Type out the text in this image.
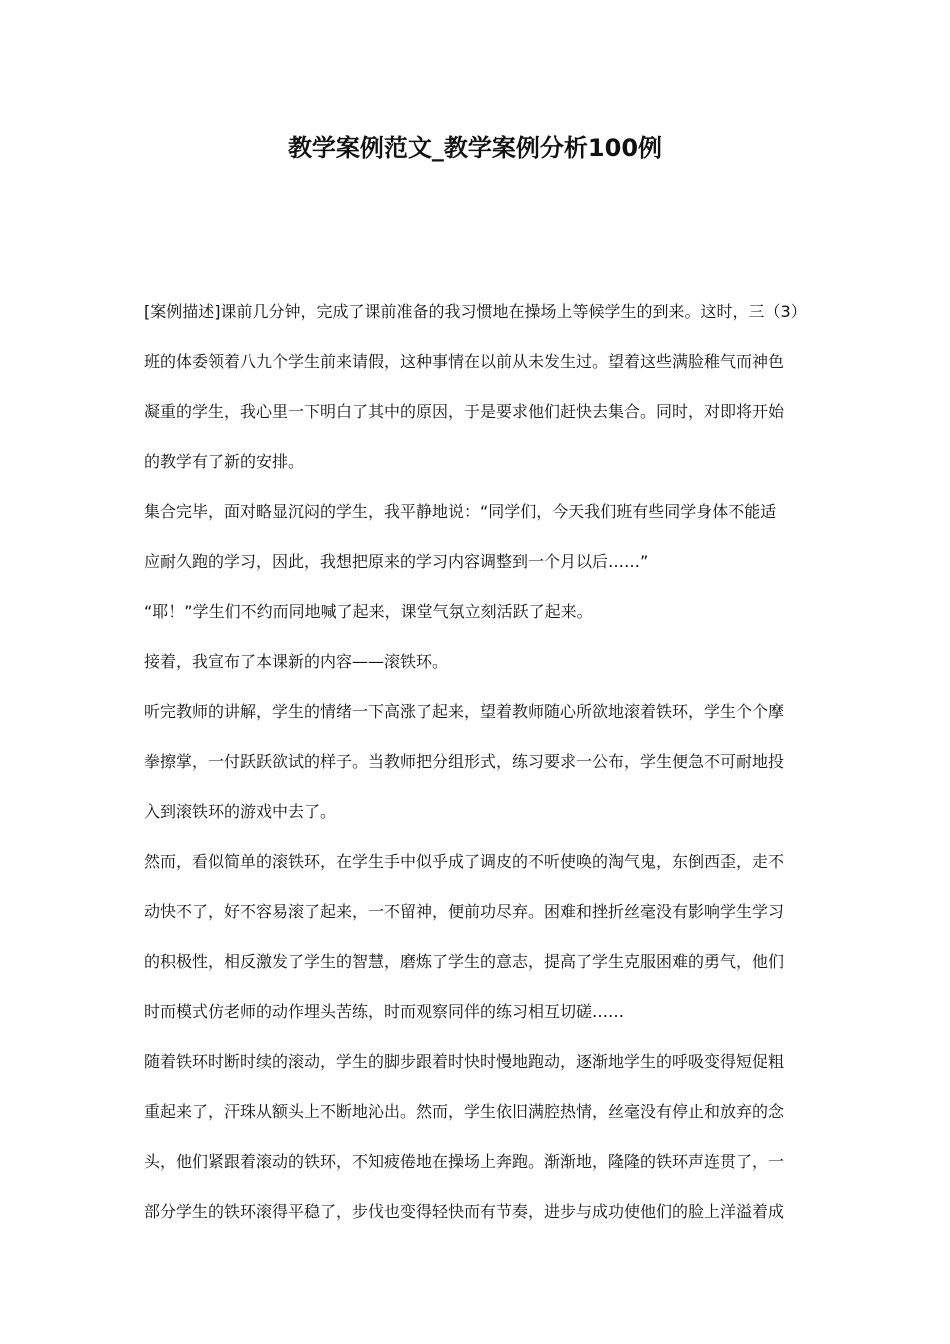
教学案例范文_教学案例分析100例
[案例描述]课前几分钟，完成了课前准备的我习惯地在操场上等候学生的到来。这时，三（3）
班的体委领着八九个学生前来请假，这种事情在以前从未发生过。望着这些满脸稚气而神色
凝重的学生，我心里一下明白了其中的原因，于是要求他们赶快去集合。同时，对即将开始
的教学有了新的安排。
集合完毕，面对略显沉闷的学生，我平静地说：“同学们，今天我们班有些同学身体不能适
应耐久跑的学习，因此，我想把原来的学习内容调整到一个月以后……”
“耶！”学生们不约而同地喊了起来，课堂气氛立刻活跃了起来。
接着，我宣布了本课新的内容——滚铁环。
听完教师的讲解，学生的情绪一下高涨了起来，望着教师随心所欲地滚着铁环，学生个个摩
拳擦掌，一付跃跃欲试的样子。当教师把分组形式，练习要求一公布，学生便急不可耐地投
入到滚铁环的游戏中去了。
然而，看似简单的滚铁环，在学生手中似乎成了调皮的不听使唤的淘气鬼，东倒西歪，走不
动快不了，好不容易滚了起来，一不留神，便前功尽弃。困难和挫折丝毫没有影响学生学习
的积极性，相反激发了学生的智慧，磨炼了学生的意志，提高了学生克服困难的勇气，他们
时而模式仿老师的动作埋头苦练，时而观察同伴的练习相互切磋……
随着铁环时断时续的滚动，学生的脚步跟着时快时慢地跑动，逐渐地学生的呼吸变得短促粗
重起来了，汗珠从额头上不断地沁出。然而，学生依旧满腔热情，丝毫没有停止和放弃的念
头，他们紧跟着滚动的铁环，不知疲倦地在操场上奔跑。渐渐地，隆隆的铁环声连贯了，一
部分学生的铁环滚得平稳了，步伐也变得轻快而有节奏，进步与成功使他们的脸上洋溢着成
